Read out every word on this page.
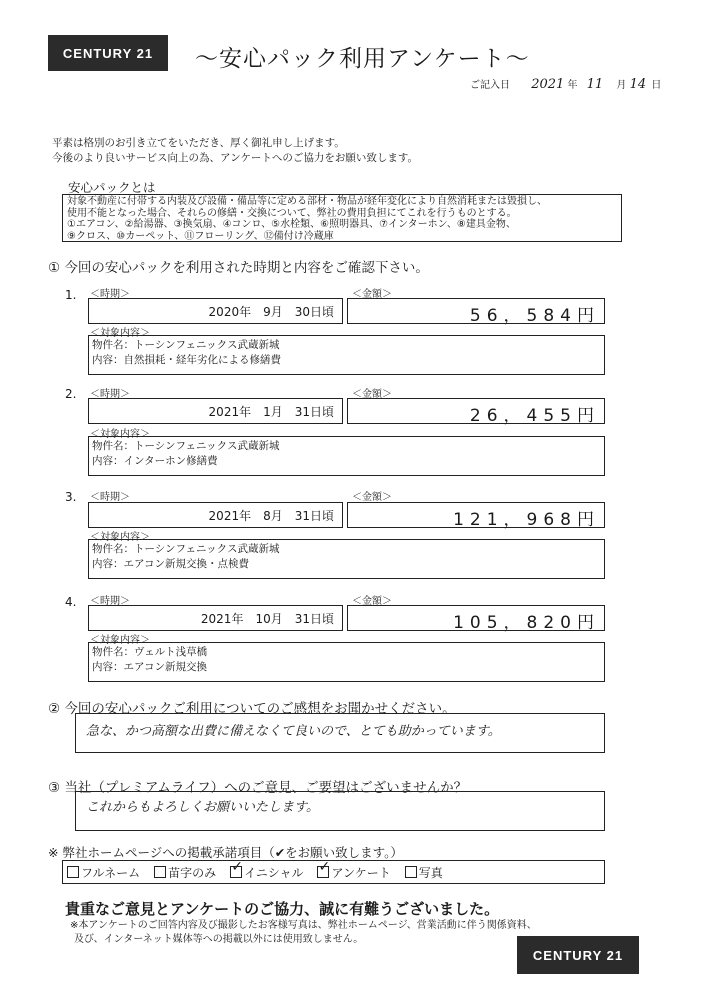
CENTURY 21	～安心パック利用アンケート～
ご記入日 2021 年 11 月 14 日
平素は格別のお引き立てをいただき、厚く御礼申し上げます。
今後のより良いサービス向上の為、アンケートへのご協力をお願い致します。
安心パックとは
対象不動産に付帯する内装及び設備・備品等に定める部材・物品が経年変化により自然消耗または毀損し、
使用不能となった場合、それらの修繕・交換について、弊社の費用負担にてこれを行うものとする。
①エアコン、②給湯器、③換気扇、④コンロ、⑤水栓類、⑥照明器具、⑦インターホン、⑧建具金物、
⑨クロス、⑩カーペット、⑪フローリング、⑫備付け冷蔵庫
① 今回の安心パックを利用された時期と内容をご確認下さい。
1. ＜時期＞	＜金額＞
2020年　9月　30日頃	56，584円
＜対象内容＞
物件名：トーシンフェニックス武蔵新城
内容：自然損耗・経年劣化による修繕費
2. ＜時期＞	＜金額＞
2021年　1月　31日頃	26，455円
＜対象内容＞
物件名：トーシンフェニックス武蔵新城
内容：インターホン修繕費
3. ＜時期＞	＜金額＞
2021年　8月　31日頃	121，968円
＜対象内容＞
物件名：トーシンフェニックス武蔵新城
内容：エアコン新規交換・点検費
4. ＜時期＞	＜金額＞
2021年　10月　31日頃	105，820円
＜対象内容＞
物件名：ヴェルト浅草橋
内容：エアコン新規交換
② 今回の安心パックご利用についてのご感想をお聞かせください。
急な、かつ高額な出費に備えなくて良いので、とても助かっています。
③ 当社（プレミアムライフ）へのご意見、ご要望はございませんか？
これからもよろしくお願いいたします。
※ 弊社ホームページへの掲載承諾項目（✔をお願い致します。）
フルネーム	苗字のみ ✓ イニシャル ✓ アンケート	写真
貴重なご意見とアンケートのご協力、誠に有難うございました。
※本アンケートのご回答内容及び撮影したお客様写真は、弊社ホームページ、営業活動に伴う関係資料、
及び、インターネット媒体等への掲載以外には使用致しません。
CENTURY 21
